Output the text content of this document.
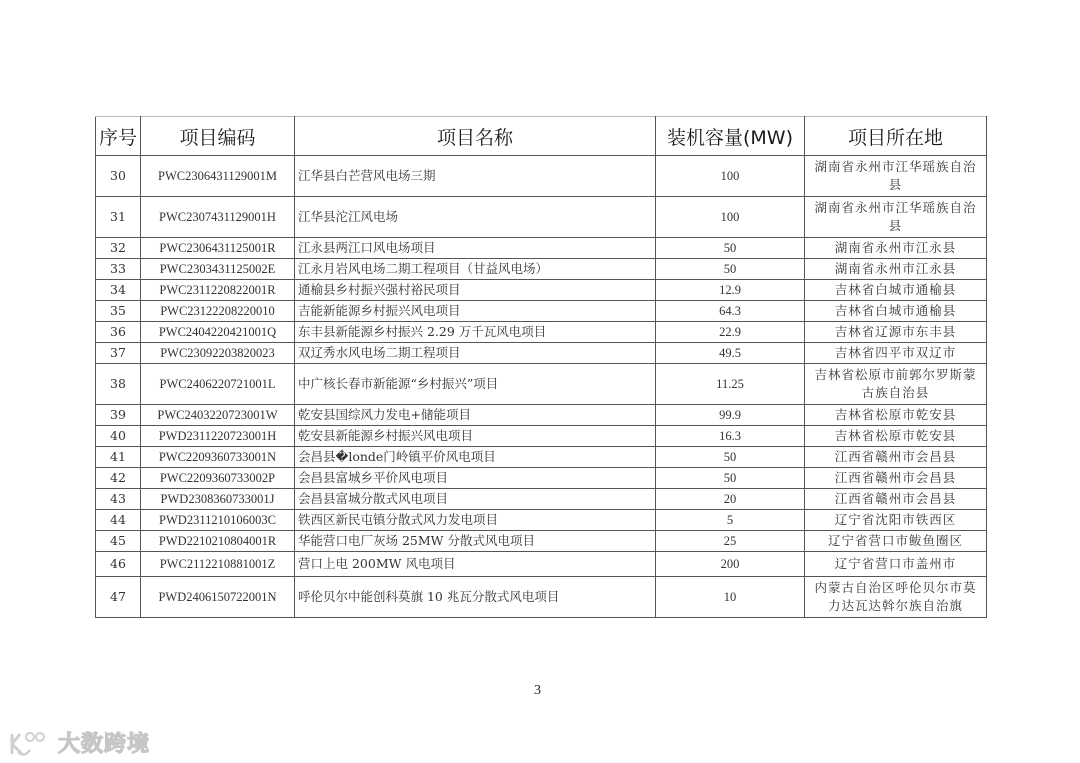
序号	项目编码	项目名称	装机容量(MW)	项目所在地
30	PWC2306431129001M	江华县白芒营风电场三期	100	湖南省永州市江华瑶族自治县
31	PWC2307431129001H	江华县沱江风电场	100	湖南省永州市江华瑶族自治县
32	PWC2306431125001R	江永县两江口风电场项目	50	湖南省永州市江永县
33	PWC2303431125002E	江永月岩风电场二期工程项目（甘益风电场）	50	湖南省永州市江永县
34	PWC2311220822001R	通榆县乡村振兴强村裕民项目	12.9	吉林省白城市通榆县
35	PWC23122208220010	吉能新能源乡村振兴风电项目	64.3	吉林省白城市通榆县
36	PWC2404220421001Q	东丰县新能源乡村振兴 2.29 万千瓦风电项目	22.9	吉林省辽源市东丰县
37	PWC23092203820023	双辽秀水风电场二期工程项目	49.5	吉林省四平市双辽市
38	PWC2406220721001L	中广核长春市新能源“乡村振兴”项目	11.25	吉林省松原市前郭尔罗斯蒙古族自治县
39	PWC2403220723001W	乾安县国综风力发电+储能项目	99.9	吉林省松原市乾安县
40	PWD2311220723001H	乾安县新能源乡村振兴风电项目	16.3	吉林省松原市乾安县
41	PWC2209360733001N	会昌县�londe门岭镇平价风电项目	50	江西省赣州市会昌县
42	PWC2209360733002P	会昌县富城乡平价风电项目	50	江西省赣州市会昌县
43	PWD2308360733001J	会昌县富城分散式风电项目	20	江西省赣州市会昌县
44	PWD2311210106003C	铁西区新民屯镇分散式风力发电项目	5	辽宁省沈阳市铁西区
45	PWD2210210804001R	华能营口电厂灰场 25MW 分散式风电项目	25	辽宁省营口市鲅鱼圈区
46	PWC2112210881001Z	营口上电 200MW 风电项目	200	辽宁省营口市盖州市
47	PWD2406150722001N	呼伦贝尔中能创科莫旗 10 兆瓦分散式风电项目	10	内蒙古自治区呼伦贝尔市莫力达瓦达斡尔族自治旗
3
大数跨境
